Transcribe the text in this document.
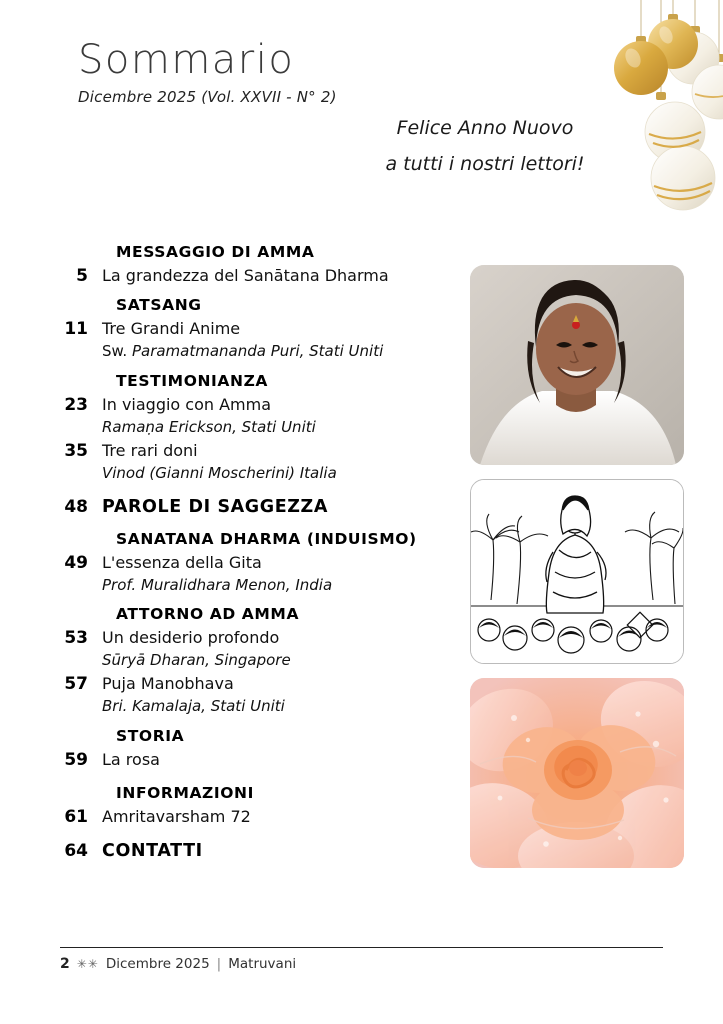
Sommario
Dicembre 2025 (Vol. XXVII - N° 2)
Felice Anno Nuovo
a tutti i nostri lettori!
MESSAGGIO DI AMMA
5 La grandezza del Sanātana Dharma
SATSANG
11 Tre Grandi Anime
Sw. Paramatmananda Puri, Stati Uniti
TESTIMONIANZA
23 In viaggio con Amma
Ramaṇa Erickson, Stati Uniti
35 Tre rari doni
Vinod (Gianni Moscherini) Italia
48 PAROLE DI SAGGEZZA
SANATANA DHARMA (INDUISMO)
49 L'essenza della Gita
Prof. Muralidhara Menon, India
ATTORNO AD AMMA
53 Un desiderio profondo
Sūryā Dharan, Singapore
57 Puja Manobhava
Bri. Kamalaja, Stati Uniti
STORIA
59 La rosa
INFORMAZIONI
61 Amritavarsham 72
64 CONTATTI
2 ✳✳ Dicembre 2025 | Matruvani
